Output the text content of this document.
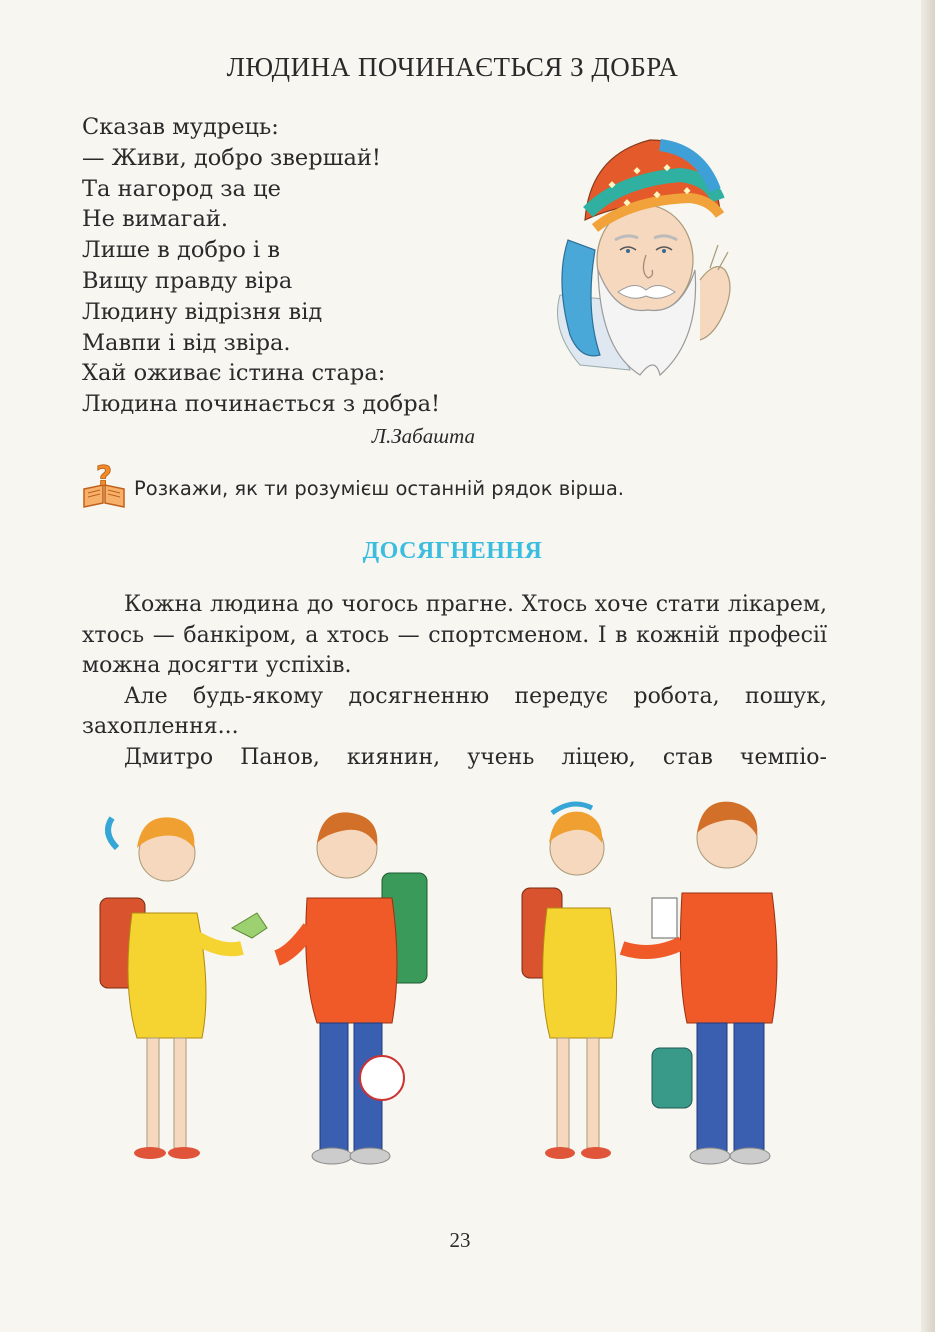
ЛЮДИНА ПОЧИНАЄТЬСЯ З ДОБРА
Сказав мудрець:
— Живи, добро звершай!
Та нагород за це
Не вимагай.
Лише в добро і в
Вищу правду віра
Людину відрізня від
Мавпи і від звіра.
Хай оживає істина стара:
Людина починається з добра!
Л.Забашта
? Розкажи, як ти розумієш останній рядок вірша.
ДОСЯГНЕННЯ

Кожна людина до чогось прагне. Хтось хоче стати лікарем, хтось — банкіром, а хтось — спортсменом. І в кожній професії можна досягти успіхів.

Але будь-якому досягненню передує робота, пошук, захоплення...

Дмитро Панов, киянин, учень ліцею, став чемпіо-

23
